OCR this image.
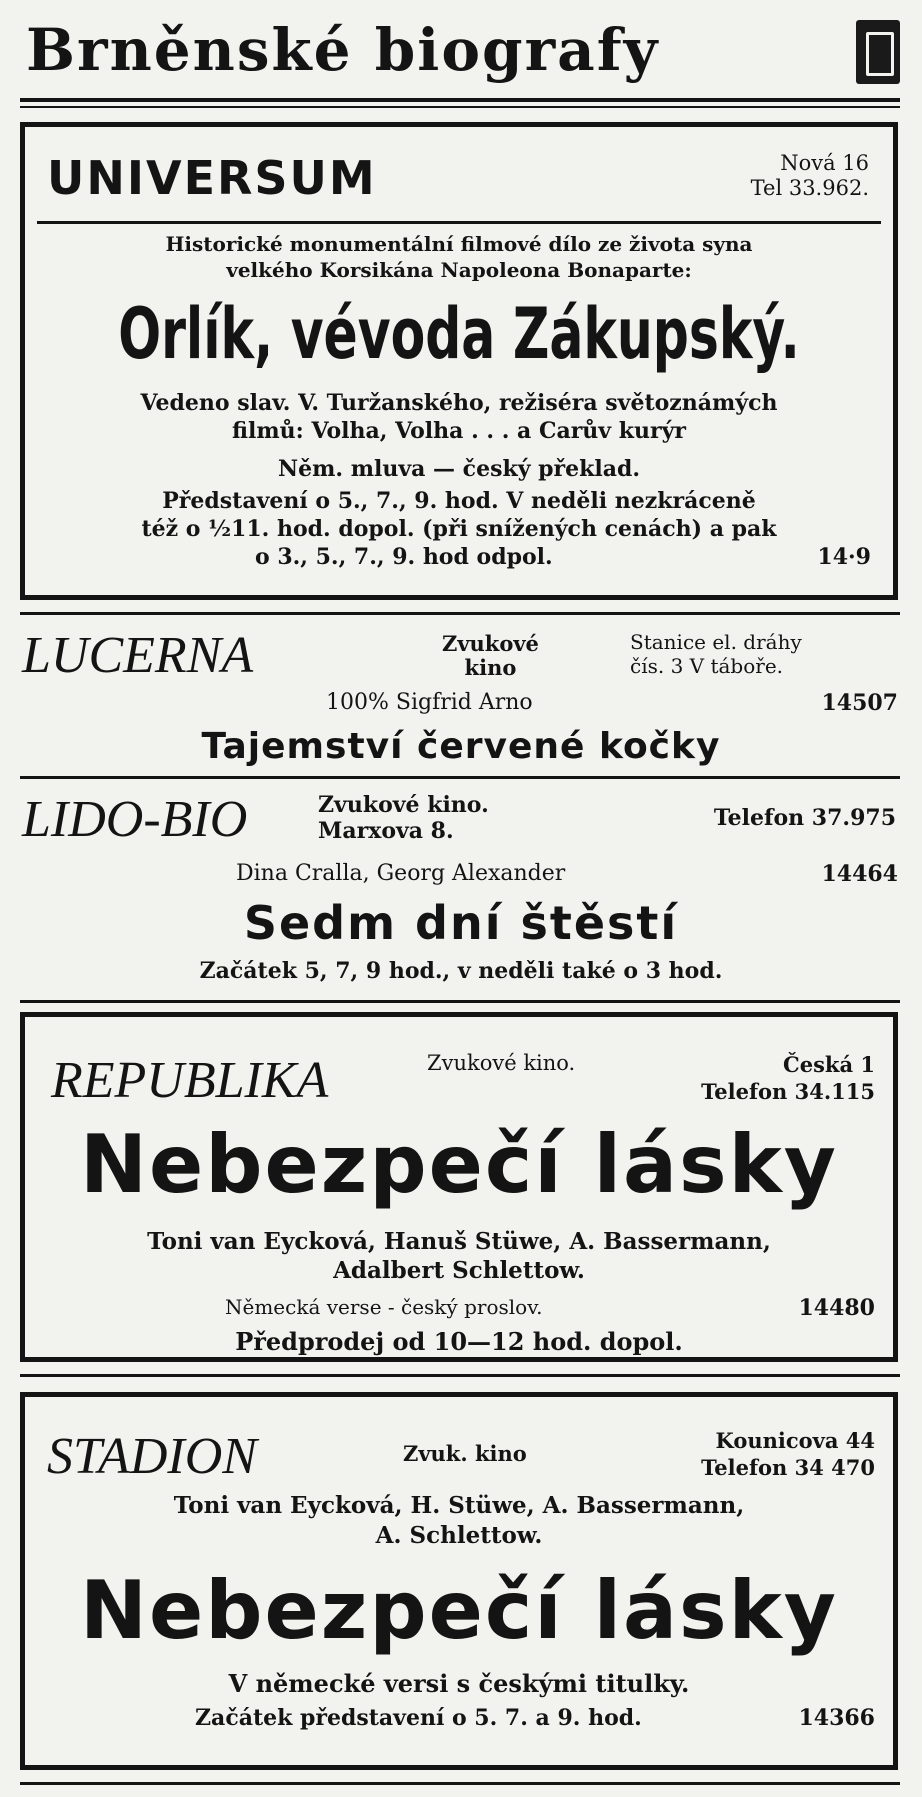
Brněnské biografy
UNIVERSUM	Nová 16
Tel 33.962.
Historické monumentální filmové dílo ze života syna
velkého Korsikána Napoleona Bonaparte:
Orlík, vévoda Zákupský.
Vedeno slav. V. Turžanského, režiséra světoznámých
filmů: Volha, Volha . . . a Carův kurýr
Něm. mluva — český překlad.
Představení o 5., 7., 9. hod. V neděli nezkráceně
též o ½11. hod. dopol. (při snížených cenách) a pak
o 3., 5., 7., 9. hod odpol.	14·9
LUCERNA	Zvukové
kino
Stanice el. dráhy
čís. 3 V táboře.
100% Sigfrid Arno	14507
Tajemství červené kočky
LIDO-BIO	Zvukové kino.
Marxova 8.	Telefon 37.975
Dina Cralla, Georg Alexander	14464
Sedm dní štěstí
Začátek 5, 7, 9 hod., v neděli také o 3 hod.
REPUBLIKA	Zvukové kino.	Česká 1
Telefon 34.115
Nebezpečí lásky
Toni van Eycková, Hanuš Stüwe, A. Bassermann,
Adalbert Schlettow.
Německá verse - český proslov.	14480
Předprodej od 10—12 hod. dopol.
STADION	Zvuk. kino
Kounicova 44
Telefon 34 470
Toni van Eycková, H. Stüwe, A. Bassermann,
A. Schlettow.
Nebezpečí lásky
V německé versi s českými titulky.
Začátek představení o 5. 7. a 9. hod.	14366
